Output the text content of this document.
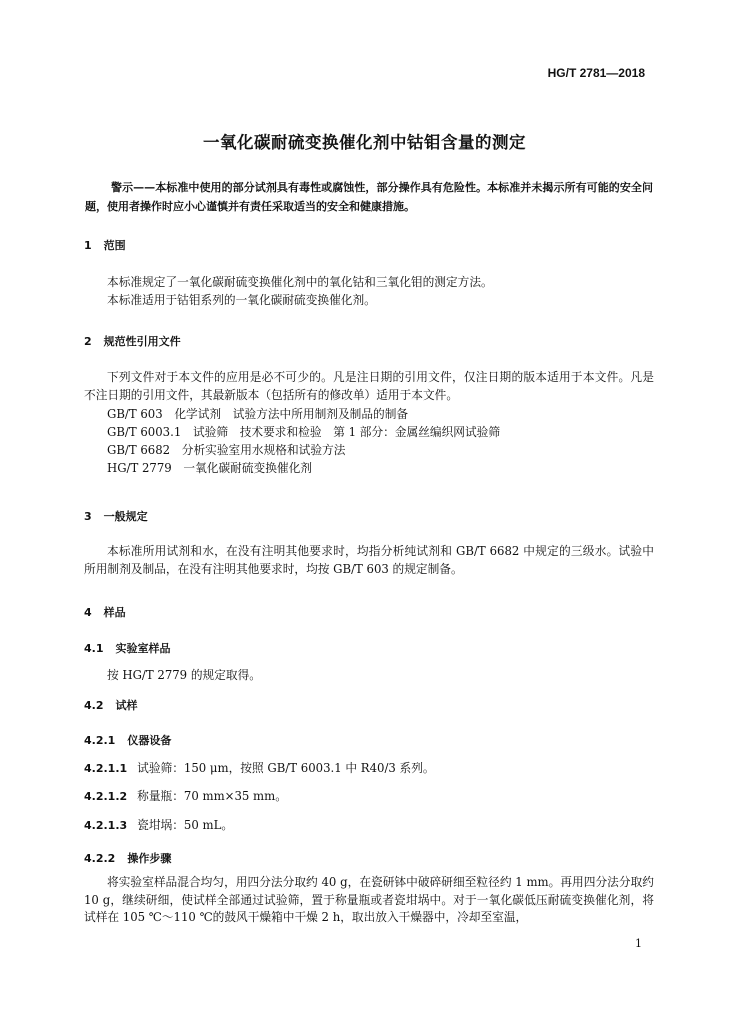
HG/T 2781—2018
一氧化碳耐硫变换催化剂中钴钼含量的测定
警示——本标准中使用的部分试剂具有毒性或腐蚀性，部分操作具有危险性。本标准并未揭示所有可能的安全问题，使用者操作时应小心谨慎并有责任采取适当的安全和健康措施。
1 范围
本标准规定了一氧化碳耐硫变换催化剂中的氧化钴和三氧化钼的测定方法。
本标准适用于钴钼系列的一氧化碳耐硫变换催化剂。
2 规范性引用文件
下列文件对于本文件的应用是必不可少的。凡是注日期的引用文件，仅注日期的版本适用于本文件。凡是不注日期的引用文件，其最新版本（包括所有的修改单）适用于本文件。
GB/T 603　化学试剂　试验方法中所用制剂及制品的制备
GB/T 6003.1　试验筛　技术要求和检验　第 1 部分：金属丝编织网试验筛
GB/T 6682　分析实验室用水规格和试验方法
HG/T 2779　一氧化碳耐硫变换催化剂
3 一般规定
本标准所用试剂和水，在没有注明其他要求时，均指分析纯试剂和 GB/T 6682 中规定的三级水。试验中所用制剂及制品，在没有注明其他要求时，均按 GB/T 603 的规定制备。
4 样品
4.1 实验室样品
按 HG/T 2779 的规定取得。
4.2 试样
4.2.1 仪器设备
4.2.1.1 试验筛：150 μm，按照 GB/T 6003.1 中 R40/3 系列。
4.2.1.2 称量瓶：70 mm×35 mm。
4.2.1.3 瓷坩埚：50 mL。
4.2.2 操作步骤
将实验室样品混合均匀，用四分法分取约 40 g，在瓷研钵中破碎研细至粒径约 1 mm。再用四分法分取约 10 g，继续研细，使试样全部通过试验筛，置于称量瓶或者瓷坩埚中。对于一氧化碳低压耐硫变换催化剂，将试样在 105 ℃～110 ℃的鼓风干燥箱中干燥 2 h，取出放入干燥器中，冷却至室温，
1
